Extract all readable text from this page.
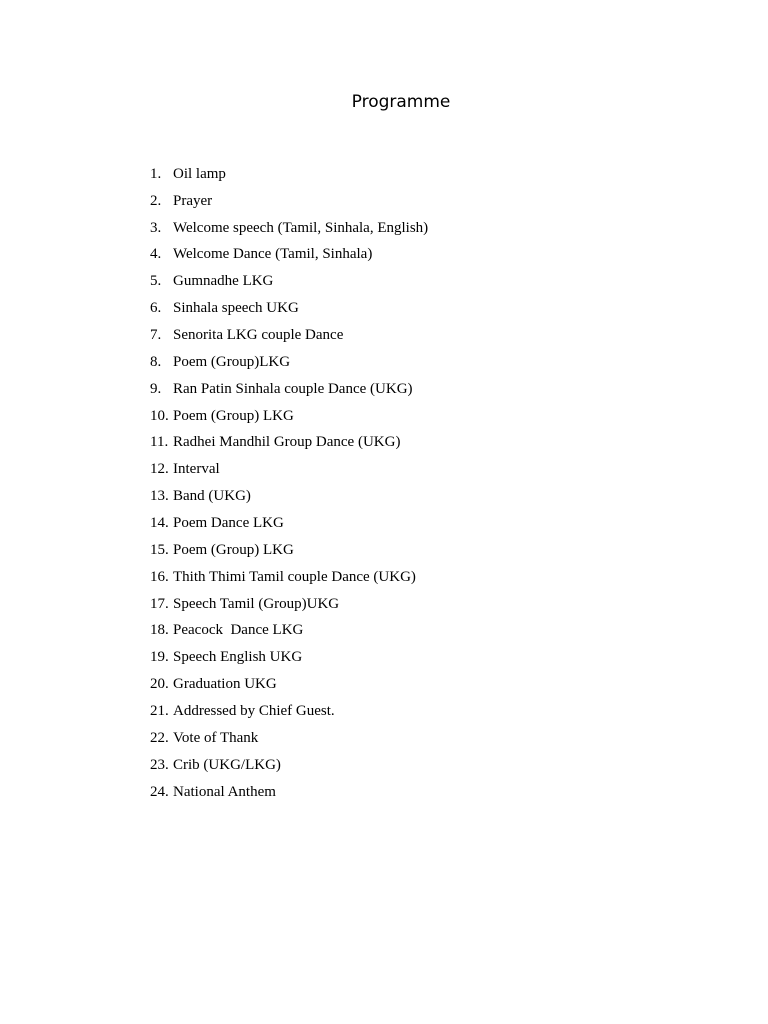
Programme

1. Oil lamp

2. Prayer

3. Welcome speech (Tamil, Sinhala, English)

4. Welcome Dance (Tamil, Sinhala)

5. Gumnadhe LKG

6. Sinhala speech UKG

7. Senorita LKG couple Dance

8. Poem (Group)LKG

9. Ran Patin Sinhala couple Dance (UKG)

10. Poem (Group) LKG

11. Radhei Mandhil Group Dance (UKG)

12. Interval

13. Band (UKG)

14. Poem Dance LKG

15. Poem (Group) LKG

16. Thith Thimi Tamil couple Dance (UKG)

17. Speech Tamil (Group)UKG

18. Peacock  Dance LKG

19. Speech English UKG

20. Graduation UKG

21. Addressed by Chief Guest.

22. Vote of Thank

23. Crib (UKG/LKG)

24. National Anthem
